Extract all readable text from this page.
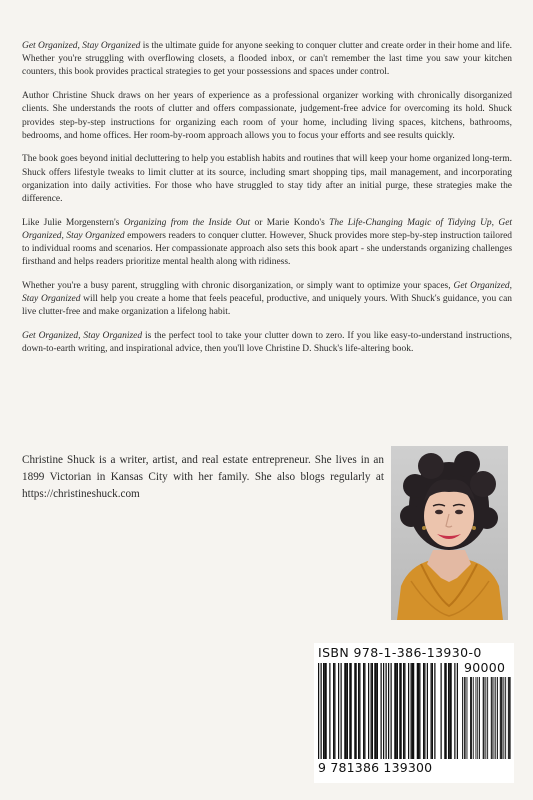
Get Organized, Stay Organized is the ultimate guide for anyone seeking to conquer clutter and create order in their home and life. Whether you're struggling with overflowing closets, a flooded inbox, or can't remember the last time you saw your kitchen counters, this book provides practical strategies to get your possessions and spaces under control.

Author Christine Shuck draws on her years of experience as a professional organizer working with chronically disorganized clients. She understands the roots of clutter and offers compassionate, judgement-free advice for overcoming its hold. Shuck provides step-by-step instructions for organizing each room of your home, including living spaces, kitchens, bathrooms, bedrooms, and home offices. Her room-by-room approach allows you to focus your efforts and see results quickly.

The book goes beyond initial decluttering to help you establish habits and routines that will keep your home organized long-term. Shuck offers lifestyle tweaks to limit clutter at its source, including smart shopping tips, mail management, and incorporating organization into daily activities. For those who have struggled to stay tidy after an initial purge, these strategies make the difference.

Like Julie Morgenstern's Organizing from the Inside Out or Marie Kondo's The Life-Changing Magic of Tidying Up, Get Organized, Stay Organized empowers readers to conquer clutter. However, Shuck provides more step-by-step instruction tailored to individual rooms and scenarios. Her compassionate approach also sets this book apart - she understands organizing challenges firsthand and helps readers prioritize mental health along with ridiness.

Whether you're a busy parent, struggling with chronic disorganization, or simply want to optimize your spaces, Get Organized, Stay Organized will help you create a home that feels peaceful, productive, and uniquely yours. With Shuck's guidance, you can live clutter-free and make organization a lifelong habit.

Get Organized, Stay Organized is the perfect tool to take your clutter down to zero. If you like easy-to-understand instructions, down-to-earth writing, and inspirational advice, then you'll love Christine D. Shuck's life-altering book.

Christine Shuck is a writer, artist, and real estate entrepreneur. She lives in an 1899 Victorian in Kansas City with her family. She also blogs regularly at https://christineshuck.com
ISBN 978-1-386-13930-0
90000
9 781386 139300
